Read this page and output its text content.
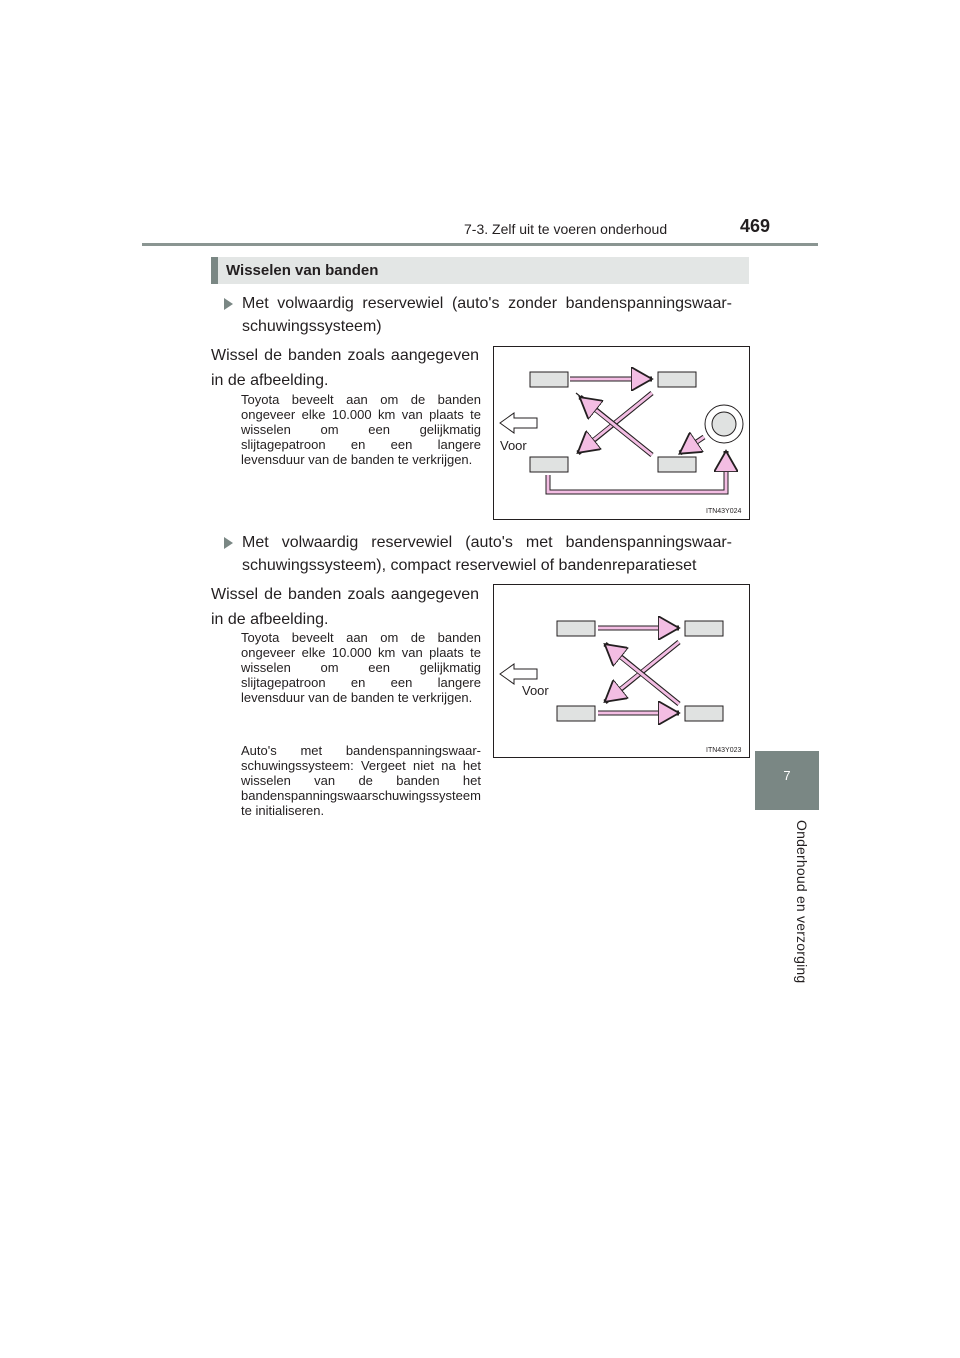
7-3. Zelf uit te voeren onderhoud	469
7
Onderhoud en verzorging
Wisselen van banden
Met volwaardig reservewiel (auto's zonder bandenspanningswaarschuwingssysteem)
Wissel de banden zoals aangegeven in de afbeelding.
Toyota beveelt aan om de banden ongeveer elke 10.000 km van plaats te wisselen om een gelijkmatig slijtagepatroon en een langere levensduur van de banden te verkrijgen.
Voor
ITN43Y024
Met volwaardig reservewiel (auto's met bandenspanningswaarschuwingssysteem), compact reservewiel of bandenreparatieset
Wissel de banden zoals aangegeven in de afbeelding.
Toyota beveelt aan om de banden ongeveer elke 10.000 km van plaats te wisselen om een gelijkmatig slijtagepatroon en een langere levensduur van de banden te verkrijgen.
Auto's met bandenspanningswaarschuwingssysteem: Vergeet niet na het wisselen van de banden het bandenspanningswaarschuwingssysteem te initialiseren.
Voor
ITN43Y023
